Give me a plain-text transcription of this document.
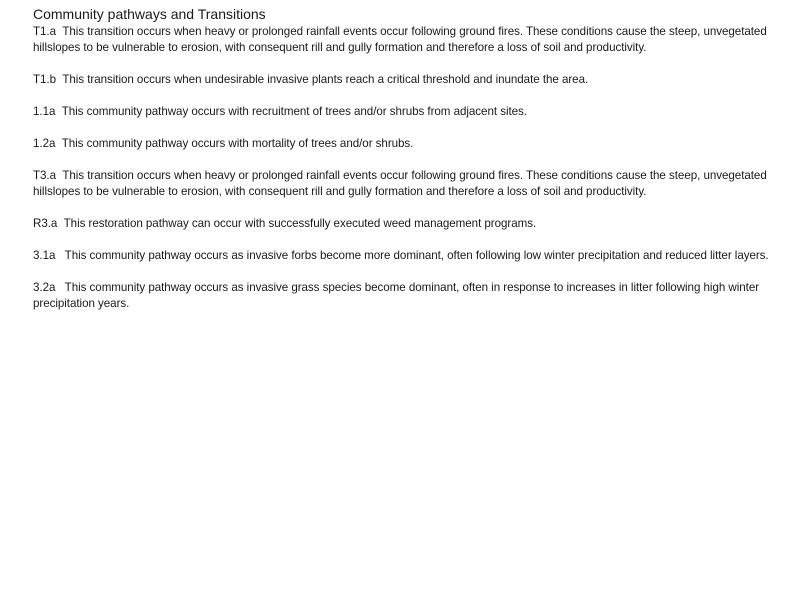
Community pathways and Transitions
T1.a This transition occurs when heavy or prolonged rainfall events occur following ground fires. These conditions cause the steep, unvegetated hillslopes to be vulnerable to erosion, with consequent rill and gully formation and therefore a loss of soil and productivity.
T1.b This transition occurs when undesirable invasive plants reach a critical threshold and inundate the area.
1.1a This community pathway occurs with recruitment of trees and/or shrubs from adjacent sites.
1.2a This community pathway occurs with mortality of trees and/or shrubs.
T3.a This transition occurs when heavy or prolonged rainfall events occur following ground fires. These conditions cause the steep, unvegetated hillslopes to be vulnerable to erosion, with consequent rill and gully formation and therefore a loss of soil and productivity.
R3.a This restoration pathway can occur with successfully executed weed management programs.
3.1a   This community pathway occurs as invasive forbs become more dominant, often following low winter precipitation and reduced litter layers.
3.2a   This community pathway occurs as invasive grass species become dominant, often in response to increases in litter following high winter precipitation years.
